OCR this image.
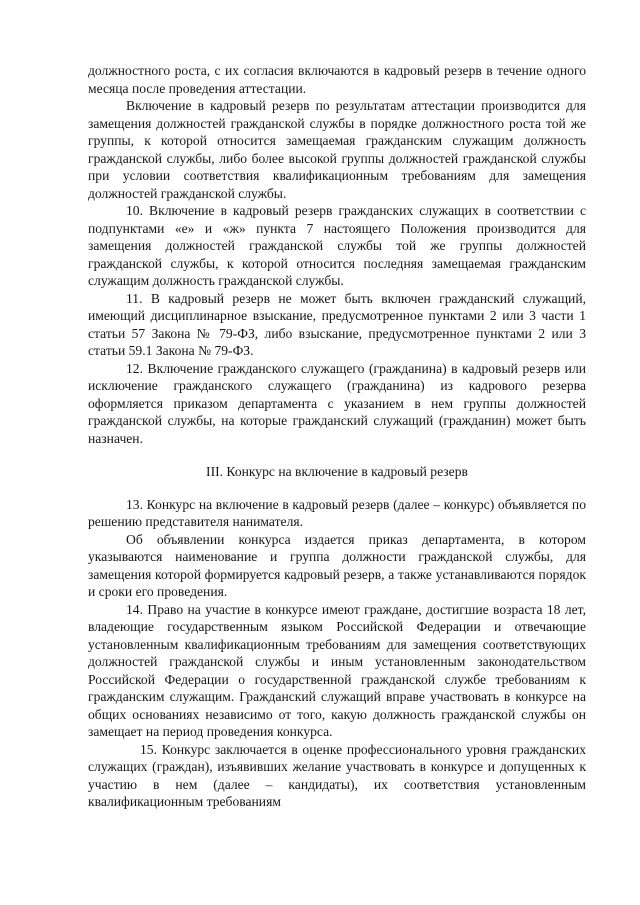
должностного роста, с их согласия включаются в кадровый резерв в течение одного месяца после проведения аттестации.

Включение в кадровый резерв по результатам аттестации производится для замещения должностей гражданской службы в порядке должностного роста той же группы, к которой относится замещаемая гражданским служащим должность гражданской службы, либо более высокой группы должностей гражданской службы при условии соответствия квалификационным требованиям для замещения должностей гражданской службы.

10. Включение в кадровый резерв гражданских служащих в соответствии с подпунктами «е» и «ж» пункта 7 настоящего Положения производится для замещения должностей гражданской службы той же группы должностей гражданской службы, к которой относится последняя замещаемая гражданским служащим должность гражданской службы.

11. В кадровый резерв не может быть включен гражданский служащий, имеющий дисциплинарное взыскание, предусмотренное пунктами 2 или 3 части 1 статьи 57 Закона № 79-ФЗ, либо взыскание, предусмотренное пунктами 2 или 3 статьи 59.1 Закона № 79-ФЗ.

12. Включение гражданского служащего (гражданина) в кадровый резерв или исключение гражданского служащего (гражданина) из кадрового резерва оформляется приказом департамента с указанием в нем группы должностей гражданской службы, на которые гражданский служащий (гражданин) может быть назначен.

III. Конкурс на включение в кадровый резерв

13. Конкурс на включение в кадровый резерв (далее – конкурс) объявляется по решению представителя нанимателя.

Об объявлении конкурса издается приказ департамента, в котором указываются наименование и группа должности гражданской службы, для замещения которой формируется кадровый резерв, а также устанавливаются порядок и сроки его проведения.

14. Право на участие в конкурсе имеют граждане, достигшие возраста 18 лет, владеющие государственным языком Российской Федерации и отвечающие установленным квалификационным требованиям для замещения соответствующих должностей гражданской службы и иным установленным законодательством Российской Федерации о государственной гражданской службе требованиям к гражданским служащим. Гражданский служащий вправе участвовать в конкурсе на общих основаниях независимо от того, какую должность гражданской службы он замещает на период проведения конкурса.

15. Конкурс заключается в оценке профессионального уровня гражданских служащих (граждан), изъявивших желание участвовать в конкурсе и допущенных к участию в нем (далее – кандидаты), их соответствия установленным квалификационным требованиям
